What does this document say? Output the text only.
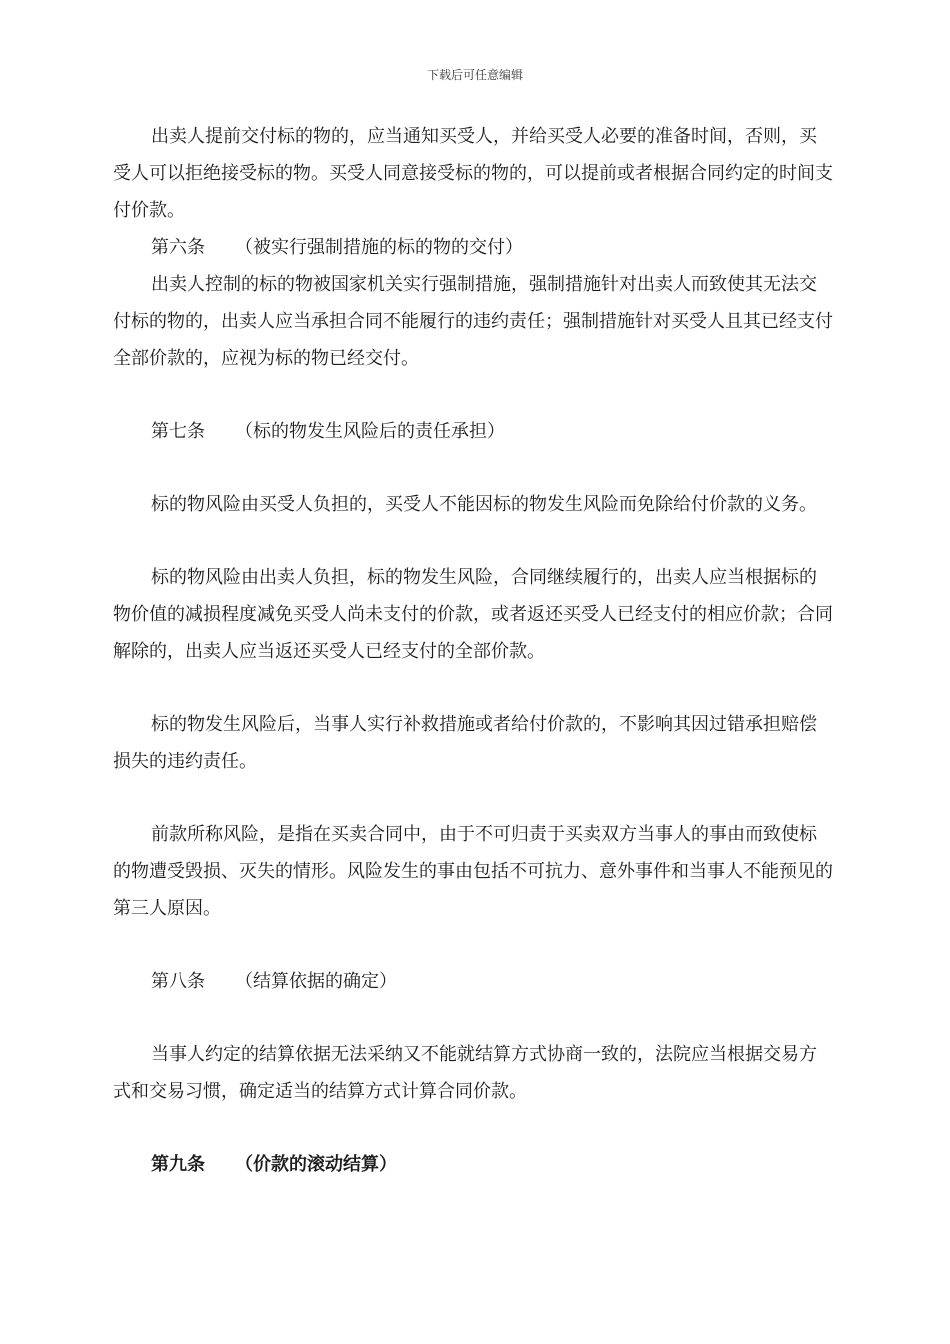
下载后可任意编辑

出卖人提前交付标的物的，应当通知买受人，并给买受人必要的准备时间，否则，买受人可以拒绝接受标的物。买受人同意接受标的物的，可以提前或者根据合同约定的时间支付价款。

第六条 （被实行强制措施的标的物的交付）

出卖人控制的标的物被国家机关实行强制措施，强制措施针对出卖人而致使其无法交付标的物的，出卖人应当承担合同不能履行的违约责任；强制措施针对买受人且其已经支付全部价款的，应视为标的物已经交付。

第七条 （标的物发生风险后的责任承担）

标的物风险由买受人负担的，买受人不能因标的物发生风险而免除给付价款的义务。

标的物风险由出卖人负担，标的物发生风险，合同继续履行的，出卖人应当根据标的物价值的减损程度减免买受人尚未支付的价款，或者返还买受人已经支付的相应价款；合同解除的，出卖人应当返还买受人已经支付的全部价款。

标的物发生风险后，当事人实行补救措施或者给付价款的，不影响其因过错承担赔偿损失的违约责任。

前款所称风险，是指在买卖合同中，由于不可归责于买卖双方当事人的事由而致使标的物遭受毁损、灭失的情形。风险发生的事由包括不可抗力、意外事件和当事人不能预见的第三人原因。

第八条 （结算依据的确定）

当事人约定的结算依据无法采纳又不能就结算方式协商一致的，法院应当根据交易方式和交易习惯，确定适当的结算方式计算合同价款。

第九条 （价款的滚动结算）
